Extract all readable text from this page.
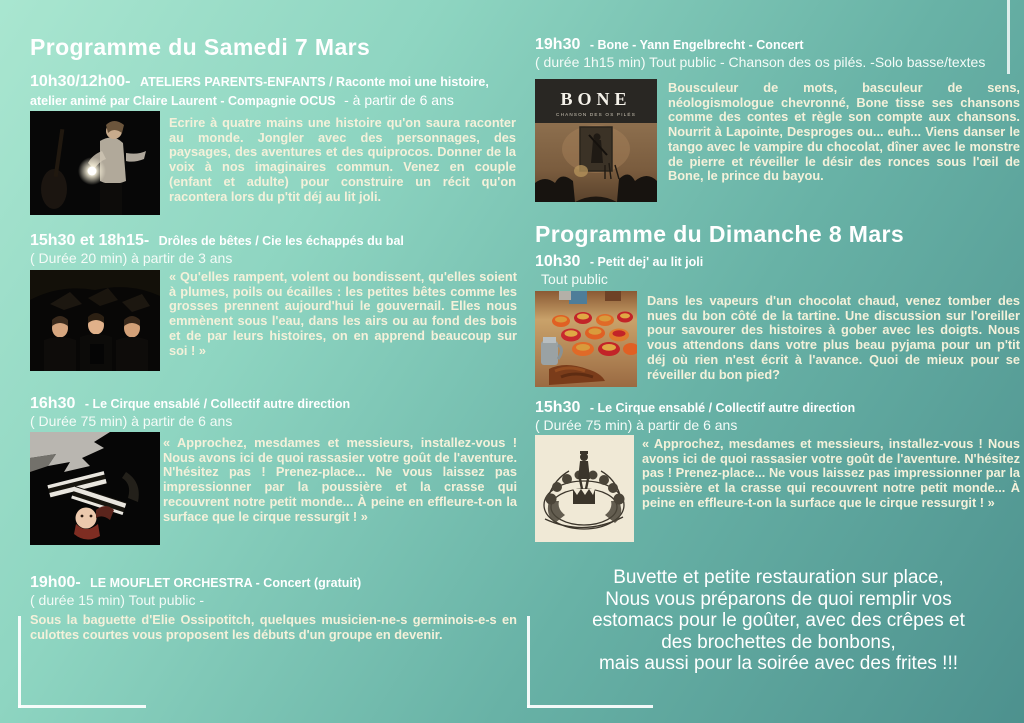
Programme du Samedi 7 Mars
10h30/12h00- ATELIERS PARENTS-ENFANTS / Raconte moi une histoire,
atelier animé par Claire Laurent - Compagnie OCUS - à partir de 6 ans
Ecrire à quatre mains une histoire qu'on saura raconter au monde. Jongler avec des personnages, des paysages, des aventures et des quiprocos. Donner de la voix à nos imaginaires commun. Venez en couple (enfant et adulte) pour construire un récit qu'on racontera lors du p'tit déj au lit joli.
15h30 et 18h15- Drôles de bêtes / Cie les échappés du bal
( Durée 20 min) à partir de 3 ans
« Qu'elles rampent, volent ou bondissent, qu'elles soient à plumes, poils ou écailles : les petites bêtes comme les grosses prennent aujourd'hui le gouvernail. Elles nous emmènent sous l'eau, dans les airs ou au fond des bois et de par leurs histoires, on en apprend beaucoup sur soi ! »
16h30 - Le Cirque ensablé / Collectif autre direction
( Durée 75 min) à partir de 6 ans
« Approchez, mesdames et messieurs, installez-vous ! Nous avons ici de quoi rassasier votre goût de l'aventure. N'hésitez pas ! Prenez-place... Ne vous laissez pas impressionner par la poussière et la crasse qui recouvrent notre petit monde... À peine en effleure-t-on la surface que le cirque ressurgit ! »
19h00- LE MOUFLET ORCHESTRA - Concert (gratuit)
( durée 15 min) Tout public -
Sous la baguette d'Elie Ossipotitch, quelques musicien-ne-s germinois-e-s en culottes courtes vous proposent les débuts d'un groupe en devenir.
19h30 - Bone - Yann Engelbrecht - Concert
( durée 1h15 min) Tout public - Chanson des os pilés. -Solo basse/textes
BONE
CHANSON DES OS PILÉS
Bousculeur de mots, basculeur de sens, néologismologue chevronné, Bone tisse ses chansons comme des contes et règle son compte aux chansons. Nourrit à Lapointe, Desproges ou... euh... Viens danser le tango avec le vampire du chocolat, dîner avec le monstre de pierre et réveiller le désir des ronces sous l'œil de Bone, le prince du bayou.
Programme du Dimanche 8 Mars
10h30 - Petit dej' au lit joli
Tout public
Dans les vapeurs d'un chocolat chaud, venez tomber des nues du bon côté de la tartine. Une discussion sur l'oreiller pour savourer des histoires à gober avec les doigts. Nous vous attendons dans votre plus beau pyjama pour un p'tit déj où rien n'est écrit à l'avance. Quoi de mieux pour se réveiller du bon pied?
15h30 - Le Cirque ensablé / Collectif autre direction
( Durée 75 min) à partir de 6 ans
« Approchez, mesdames et messieurs, installez-vous ! Nous avons ici de quoi rassasier votre goût de l'aventure. N'hésitez pas ! Prenez-place... Ne vous laissez pas impressionner par la poussière et la crasse qui recouvrent notre petit monde... À peine en effleure-t-on la surface que le cirque ressurgit ! »
Buvette et petite restauration sur place,
Nous vous préparons de quoi remplir vos
estomacs pour le goûter, avec des crêpes et
des brochettes de bonbons,
mais aussi pour la soirée avec des frites !!!
